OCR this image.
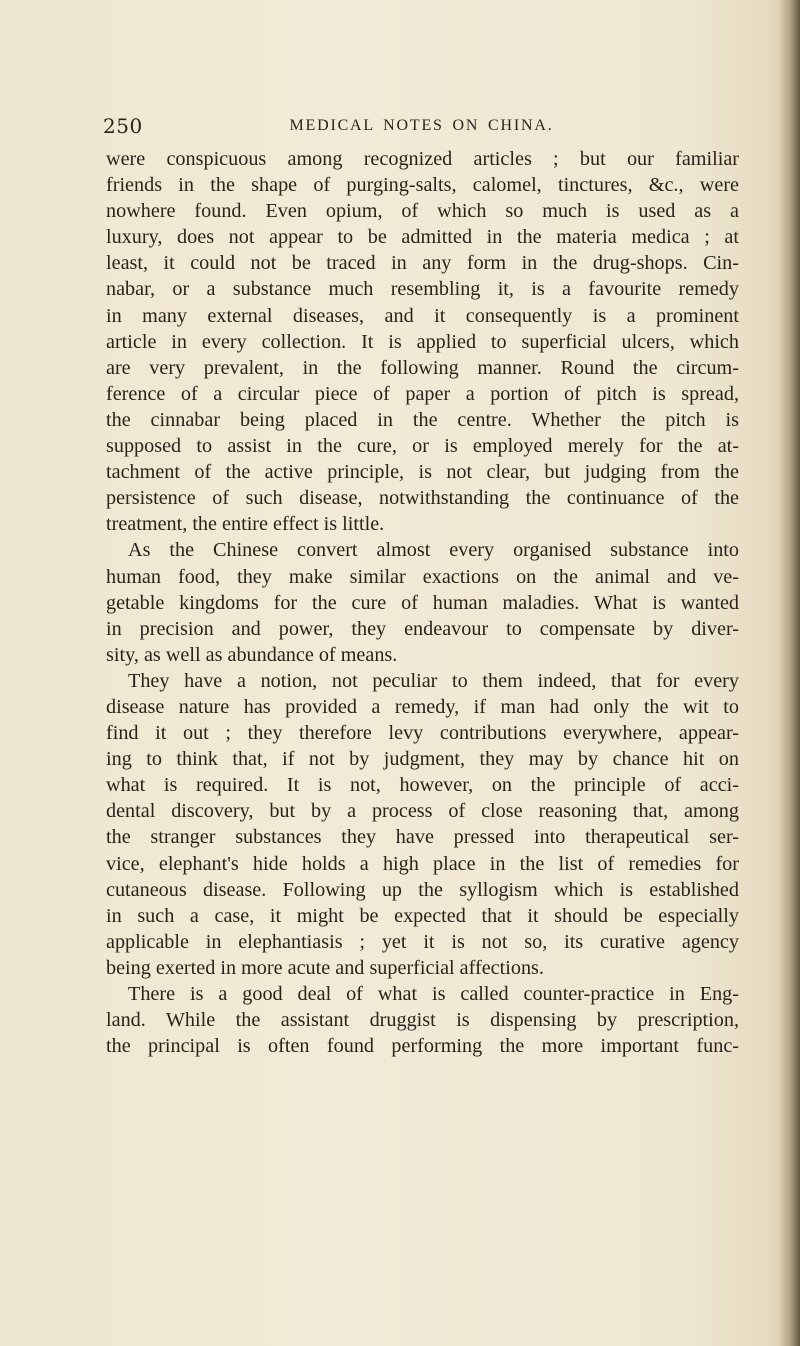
250	MEDICAL NOTES ON CHINA.
were conspicuous among recognized articles ; but our familiar
friends in the shape of purging-salts, calomel, tinctures, &c., were
nowhere found. Even opium, of which so much is used as a
luxury, does not appear to be admitted in the materia medica ; at
least, it could not be traced in any form in the drug-shops. Cin-
nabar, or a substance much resembling it, is a favourite remedy
in many external diseases, and it consequently is a prominent
article in every collection. It is applied to superficial ulcers, which
are very prevalent, in the following manner. Round the circum-
ference of a circular piece of paper a portion of pitch is spread,
the cinnabar being placed in the centre. Whether the pitch is
supposed to assist in the cure, or is employed merely for the at-
tachment of the active principle, is not clear, but judging from the
persistence of such disease, notwithstanding the continuance of the
treatment, the entire effect is little.
As the Chinese convert almost every organised substance into
human food, they make similar exactions on the animal and ve-
getable kingdoms for the cure of human maladies. What is wanted
in precision and power, they endeavour to compensate by diver-
sity, as well as abundance of means.
They have a notion, not peculiar to them indeed, that for every
disease nature has provided a remedy, if man had only the wit to
find it out ; they therefore levy contributions everywhere, appear-
ing to think that, if not by judgment, they may by chance hit on
what is required. It is not, however, on the principle of acci-
dental discovery, but by a process of close reasoning that, among
the stranger substances they have pressed into therapeutical ser-
vice, elephant's hide holds a high place in the list of remedies for
cutaneous disease. Following up the syllogism which is established
in such a case, it might be expected that it should be especially
applicable in elephantiasis ; yet it is not so, its curative agency
being exerted in more acute and superficial affections.
There is a good deal of what is called counter-practice in Eng-
land. While the assistant druggist is dispensing by prescription,
the principal is often found performing the more important func-
